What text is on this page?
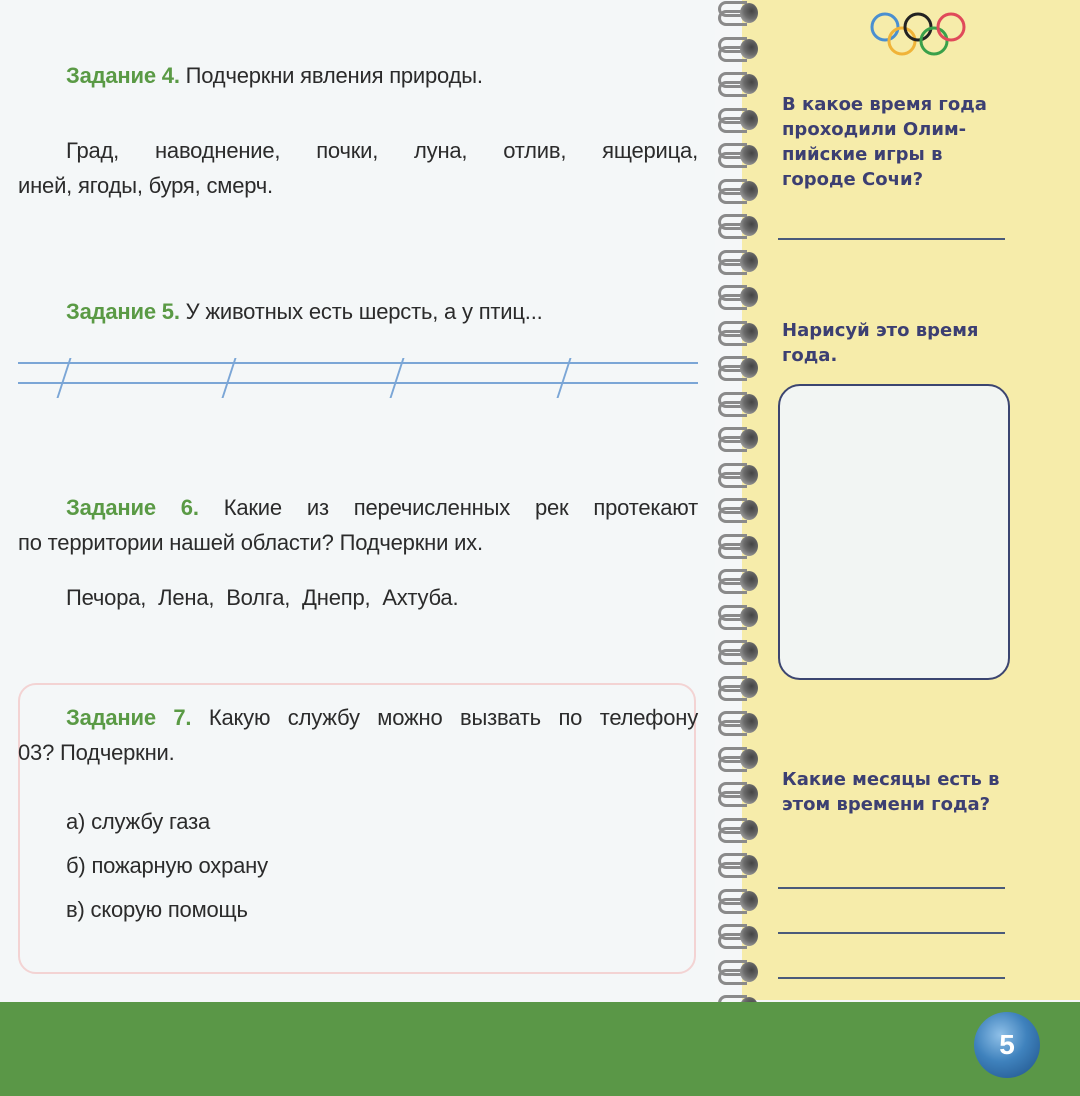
Задание 4. Подчеркни явления природы.

Град, наводнение, почки, луна, отлив, ящерица,

иней, ягоды, буря, смерч.

Задание 5. У животных есть шерсть, а у птиц...

Задание 6. Какие из перечисленных рек протекают

по территории нашей области? Подчеркни их.

Печора, Лена, Волга, Днепр, Ахтуба.

Задание 7. Какую службу можно вызвать по телефону

03? Подчеркни.

а) службу газа

б) пожарную охрану

в) скорую помощь

В какое время года
проходили Олим-
пийские игры в
городе Сочи?
Нарисуй это время
года.
Какие месяцы есть в
этом времени года?
5
